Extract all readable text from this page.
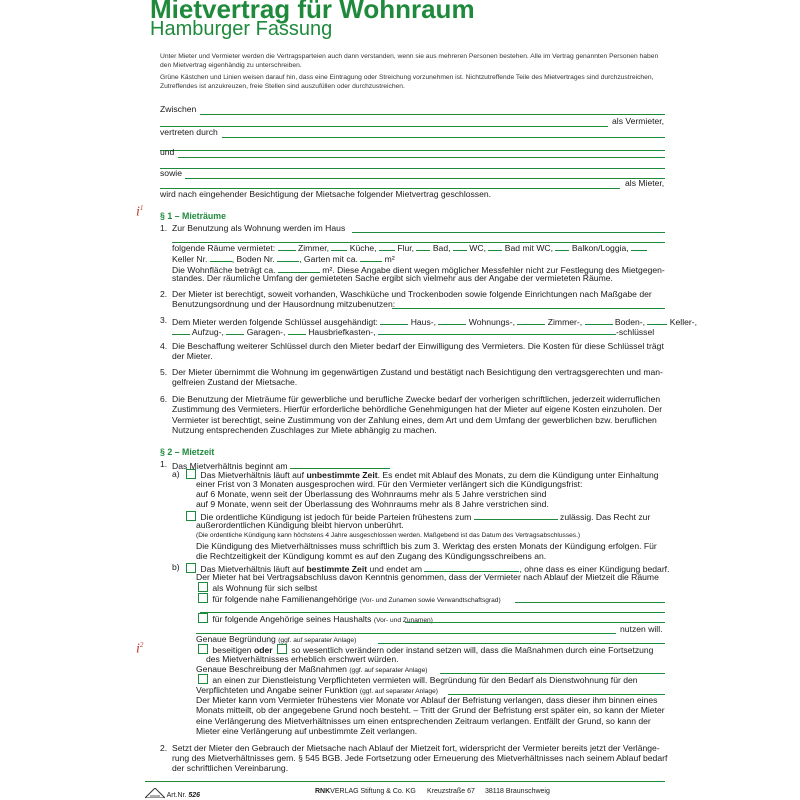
Mietvertrag für Wohnraum
Hamburger Fassung
Unter Mieter und Vermieter werden die Vertragsparteien auch dann verstanden, wenn sie aus mehreren Personen bestehen. Alle im Vertrag genannten Personen haben den Mietvertrag eigenhändig zu unterschreiben.
Grüne Kästchen und Linien weisen darauf hin, dass eine Eintragung oder Streichung vorzunehmen ist. Nichtzutreffende Teile des Mietvertrages sind durchzustreichen, Zutreffendes ist anzukreuzen, freie Stellen sind auszufüllen oder durchzustreichen.
Zwischen
als Vermieter,
vertreten durch
und
sowie
als Mieter,
wird nach eingehender Besichtigung der Mietsache folgender Mietvertrag geschlossen.
$i^1$
$i^2$
§ 1 – Mieträume
1. Zur Benutzung als Wohnung werden im Haus
folgende Räume vermietet:	Zimmer, Küche, Flur, Bad, WC, Bad mit WC, Balkon/Loggia,
Keller Nr.	, Boden Nr.	, Garten mit ca.	m²
Die Wohnfläche beträgt ca.	m². Diese Angabe dient wegen möglicher Messfehler nicht zur Festlegung des Mietgegen-
standes. Der räumliche Umfang der gemieteten Sache ergibt sich vielmehr aus der Angabe der vermieteten Räume.
2. Der Mieter ist berechtigt, soweit vorhanden, Waschküche und Trockenboden sowie folgende Einrichtungen nach Maßgabe der
Benutzungsordnung und der Hausordnung mitzubenutzen:
3. Dem Mieter werden folgende Schlüssel ausgehändigt:	Haus-,	Wohnungs-,	Zimmer-,	Boden-,	Keller-,
Aufzug-,	Garagen-,	Hausbriefkasten-,	-schlüssel
4. Die Beschaffung weiterer Schlüssel durch den Mieter bedarf der Einwilligung des Vermieters. Die Kosten für diese Schlüssel trägt
der Mieter.
5. Der Mieter übernimmt die Wohnung im gegenwärtigen Zustand und bestätigt nach Besichtigung den vertragsgerechten und man-
gelfreien Zustand der Mietsache.
6. Die Benutzung der Mieträume für gewerbliche und berufliche Zwecke bedarf der vorherigen schriftlichen, jederzeit widerruflichen
Zustimmung des Vermieters. Hierfür erforderliche behördliche Genehmigungen hat der Mieter auf eigene Kosten einzuholen. Der
Vermieter ist berechtigt, seine Zustimmung von der Zahlung eines, dem Art und dem Umfang der gewerblichen bzw. beruflichen
Nutzung entsprechenden Zuschlages zur Miete abhängig zu machen.
§ 2 – Mietzeit
1. Das Mietverhältnis beginnt am
a)	Das Mietverhältnis läuft auf unbestimmte Zeit. Es endet mit Ablauf des Monats, zu dem die Kündigung unter Einhaltung
einer Frist von 3 Monaten ausgesprochen wird. Für den Vermieter verlängert sich die Kündigungsfrist:
auf 6 Monate, wenn seit der Überlassung des Wohnraums mehr als 5 Jahre verstrichen sind
auf 9 Monate, wenn seit der Überlassung des Wohnraums mehr als 8 Jahre verstrichen sind.
Die ordentliche Kündigung ist jedoch für beide Parteien frühestens zum	zulässig. Das Recht zur
außerordentlichen Kündigung bleibt hiervon unberührt.
(Die ordentliche Kündigung kann höchstens 4 Jahre ausgeschlossen werden. Maßgebend ist das Datum des Vertragsabschlusses.)
Die Kündigung des Mietverhältnisses muss schriftlich bis zum 3. Werktag des ersten Monats der Kündigung erfolgen. Für
die Rechtzeitigkeit der Kündigung kommt es auf den Zugang des Kündigungsschreibens an.
b)	Das Mietverhältnis läuft auf bestimmte Zeit und endet am	, ohne dass es einer Kündigung bedarf.
Der Mieter hat bei Vertragsabschluss davon Kenntnis genommen, dass der Vermieter nach Ablauf der Mietzeit die Räume
als Wohnung für sich selbst
für folgende nahe Familienangehörige (Vor- und Zunamen sowie Verwandtschaftsgrad)
für folgende Angehörige seines Haushalts (Vor- und Zunamen)
nutzen will.
Genaue Begründung (ggf. auf separater Anlage)
beseitigen oder so wesentlich verändern oder instand setzen will, dass die Maßnahmen durch eine Fortsetzung
des Mietverhältnisses erheblich erschwert würden.
Genaue Beschreibung der Maßnahmen (ggf. auf separater Anlage)
an einen zur Dienstleistung Verpflichteten vermieten will. Begründung für den Bedarf als Dienstwohnung für den
Verpflichteten und Angabe seiner Funktion (ggf. auf separater Anlage)
Der Mieter kann vom Vermieter frühestens vier Monate vor Ablauf der Befristung verlangen, dass dieser ihm binnen eines
Monats mitteilt, ob der angegebene Grund noch besteht. – Tritt der Grund der Befristung erst später ein, so kann der Mieter
eine Verlängerung des Mietverhältnisses um einen entsprechenden Zeitraum verlangen. Entfällt der Grund, so kann der
Mieter eine Verlängerung auf unbestimmte Zeit verlangen.
2. Setzt der Mieter den Gebrauch der Mietsache nach Ablauf der Mietzeit fort, widerspricht der Vermieter bereits jetzt der Verlänge-
rung des Mietverhältnisses gem. § 545 BGB. Jede Fortsetzung oder Erneuerung des Mietverhältnisses nach seinem Ablauf bedarf
der schriftlichen Vereinbarung.
Art.Nr. 526
RNKVERLAG Stiftung & Co. KG Kreuzstraße 67 38118 Braunschweig
